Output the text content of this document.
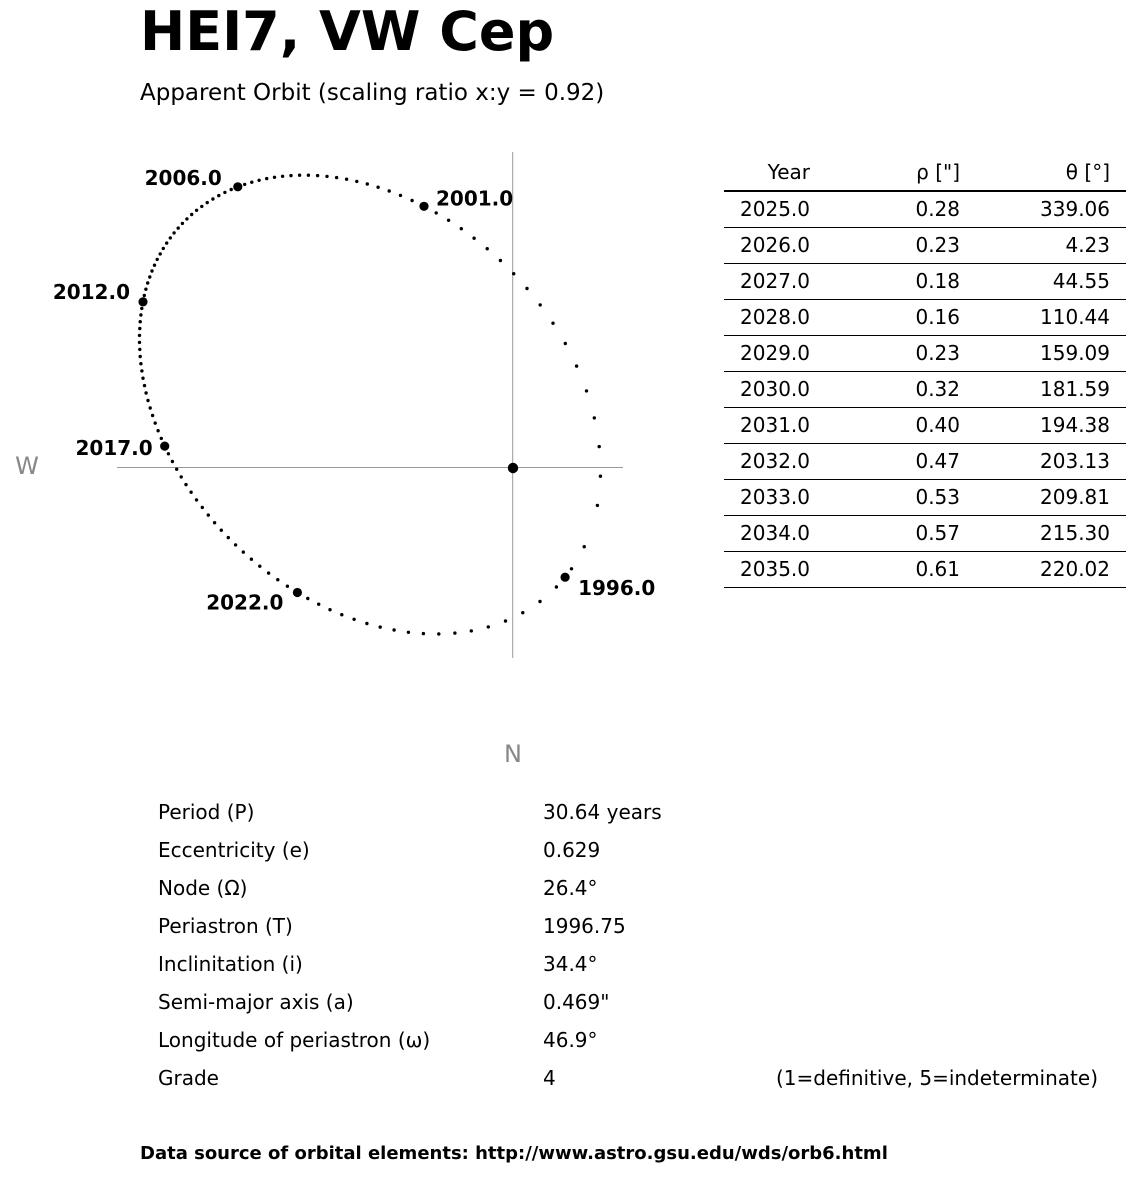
HEI7, VW Cep
Apparent Orbit (scaling ratio x:y = 0.92)
1996.0
2001.0
2006.0
2012.0
2017.0
2022.0
W
N
Year	ρ ["]	θ [°]
2025.0	0.28	339.06
2026.0	0.23	4.23
2027.0	0.18	44.55
2028.0	0.16	110.44
2029.0	0.23	159.09
2030.0	0.32	181.59
2031.0	0.40	194.38
2032.0	0.47	203.13
2033.0	0.53	209.81
2034.0	0.57	215.30
2035.0	0.61	220.02
Period (P)	30.64 years
Eccentricity (e)	0.629
Node (Ω)	26.4°
Periastron (T)	1996.75
Inclinitation (i)	34.4°
Semi-major axis (a)	0.469"
Longitude of periastron (ω)	46.9°
Grade	4	(1=definitive, 5=indeterminate)
Data source of orbital elements: http://www.astro.gsu.edu/wds/orb6.html
